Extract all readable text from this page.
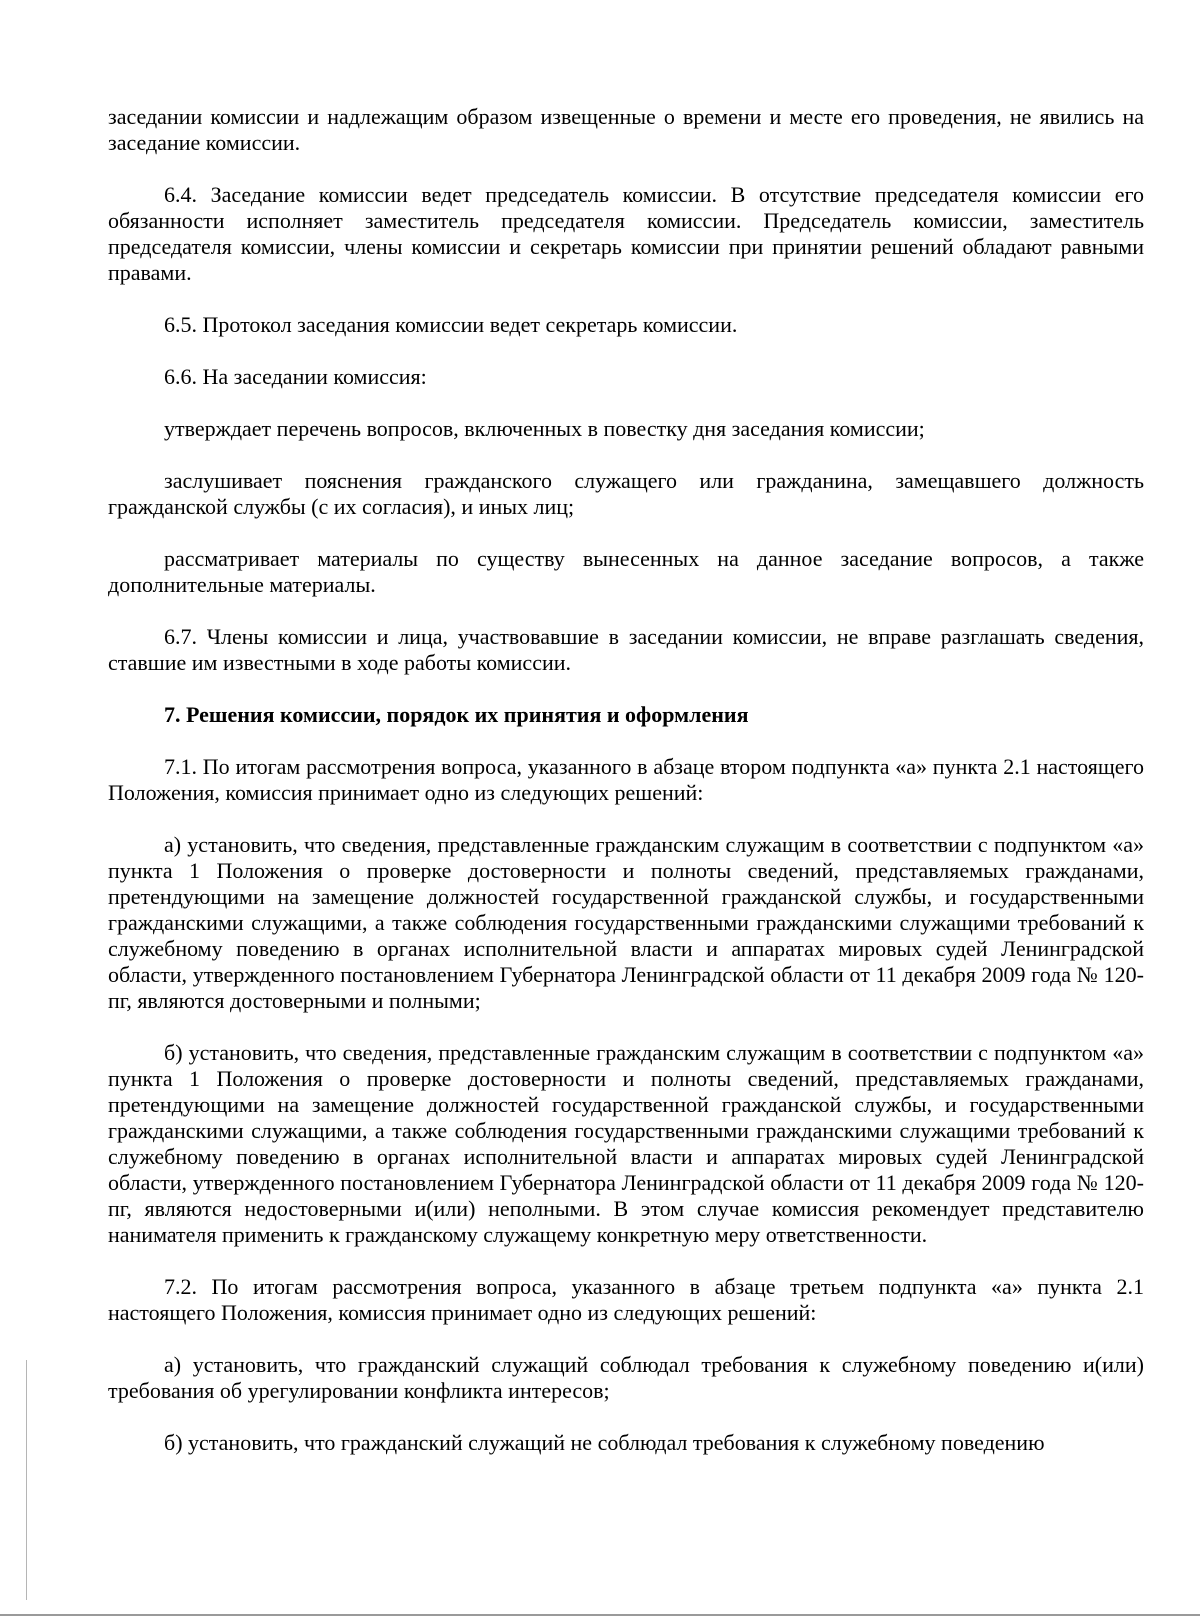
заседании комиссии и надлежащим образом извещенные о времени и месте его проведения, не явились на заседание комиссии.

6.4. Заседание комиссии ведет председатель комиссии. В отсутствие председателя комиссии его обязанности исполняет заместитель председателя комиссии. Председатель комиссии, заместитель председателя комиссии, члены комиссии и секретарь комиссии при принятии решений обладают равными правами.

6.5. Протокол заседания комиссии ведет секретарь комиссии.

6.6. На заседании комиссия:

утверждает перечень вопросов, включенных в повестку дня заседания комиссии;

заслушивает пояснения гражданского служащего или гражданина, замещавшего должность гражданской службы (с их согласия), и иных лиц;

рассматривает материалы по существу вынесенных на данное заседание вопросов, а также дополнительные материалы.

6.7. Члены комиссии и лица, участвовавшие в заседании комиссии, не вправе разглашать сведения, ставшие им известными в ходе работы комиссии.

7. Решения комиссии, порядок их принятия и оформления

7.1. По итогам рассмотрения вопроса, указанного в абзаце втором подпункта «а» пункта 2.1 настоящего Положения, комиссия принимает одно из следующих решений:

а) установить, что сведения, представленные гражданским служащим в соответствии с подпунктом «а» пункта 1 Положения о проверке достоверности и полноты сведений, представляемых гражданами, претендующими на замещение должностей государственной гражданской службы, и государственными гражданскими служащими, а также соблюдения государственными гражданскими служащими требований к служебному поведению в органах исполнительной власти и аппаратах мировых судей Ленинградской области, утвержденного постановлением Губернатора Ленинградской области от 11 декабря 2009 года № 120-пг, являются достоверными и полными;

б) установить, что сведения, представленные гражданским служащим в соответствии с подпунктом «а» пункта 1 Положения о проверке достоверности и полноты сведений, представляемых гражданами, претендующими на замещение должностей государственной гражданской службы, и государственными гражданскими служащими, а также соблюдения государственными гражданскими служащими требований к служебному поведению в органах исполнительной власти и аппаратах мировых судей Ленинградской области, утвержденного постановлением Губернатора Ленинградской области от 11 декабря 2009 года № 120-пг, являются недостоверными и(или) неполными. В этом случае комиссия рекомендует представителю нанимателя применить к гражданскому служащему конкретную меру ответственности.

7.2. По итогам рассмотрения вопроса, указанного в абзаце третьем подпункта «а» пункта 2.1 настоящего Положения, комиссия принимает одно из следующих решений:

а) установить, что гражданский служащий соблюдал требования к служебному поведению и(или) требования об урегулировании конфликта интересов;

б) установить, что гражданский служащий не соблюдал требования к служебному поведению
